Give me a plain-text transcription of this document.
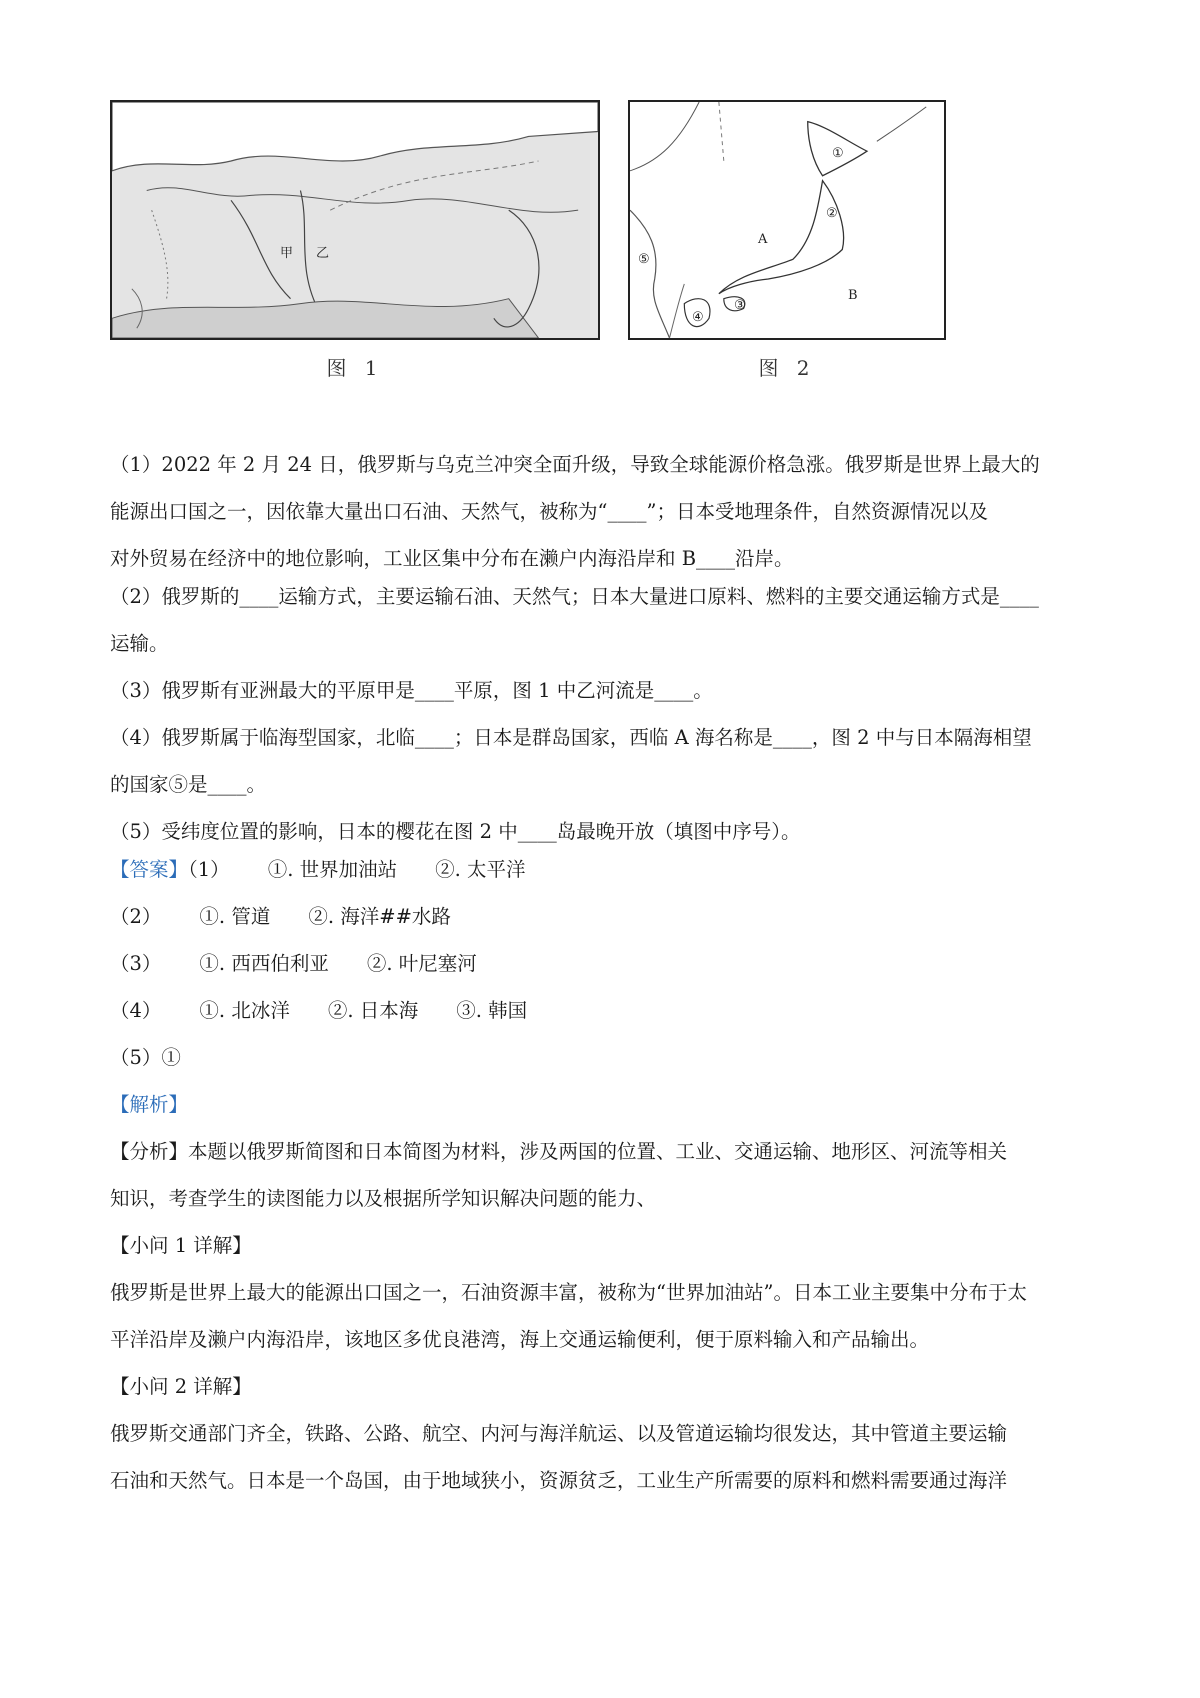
甲 乙
图 1
①
②
③
④
⑤
A
B
图 2
（1）2022 年 2 月 24 日，俄罗斯与乌克兰冲突全面升级，导致全球能源价格急涨。俄罗斯是世界上最大的
能源出口国之一，因依靠大量出口石油、天然气，被称为“____”；日本受地理条件，自然资源情况以及
对外贸易在经济中的地位影响，工业区集中分布在濑户内海沿岸和 B____沿岸。
（2）俄罗斯的____运输方式，主要运输石油、天然气；日本大量进口原料、燃料的主要交通运输方式是____
运输。
（3）俄罗斯有亚洲最大的平原甲是____平原，图 1 中乙河流是____。
（4）俄罗斯属于临海型国家，北临____；日本是群岛国家，西临 A 海名称是____，图 2 中与日本隔海相望
的国家⑤是____。
（5）受纬度位置的影响，日本的樱花在图 2 中____岛最晚开放（填图中序号）。
【答案】（1） ①. 世界加油站 ②. 太平洋
（2） ①. 管道 ②. 海洋##水路
（3） ①. 西西伯利亚 ②. 叶尼塞河
（4） ①. 北冰洋 ②. 日本海 ③. 韩国
（5）①
【解析】
【分析】本题以俄罗斯简图和日本简图为材料，涉及两国的位置、工业、交通运输、地形区、河流等相关
知识，考查学生的读图能力以及根据所学知识解决问题的能力、
【小问 1 详解】
俄罗斯是世界上最大的能源出口国之一，石油资源丰富，被称为“世界加油站”。日本工业主要集中分布于太
平洋沿岸及濑户内海沿岸，该地区多优良港湾，海上交通运输便利，便于原料输入和产品输出。
【小问 2 详解】
俄罗斯交通部门齐全，铁路、公路、航空、内河与海洋航运、以及管道运输均很发达，其中管道主要运输
石油和天然气。日本是一个岛国，由于地域狭小，资源贫乏，工业生产所需要的原料和燃料需要通过海洋
